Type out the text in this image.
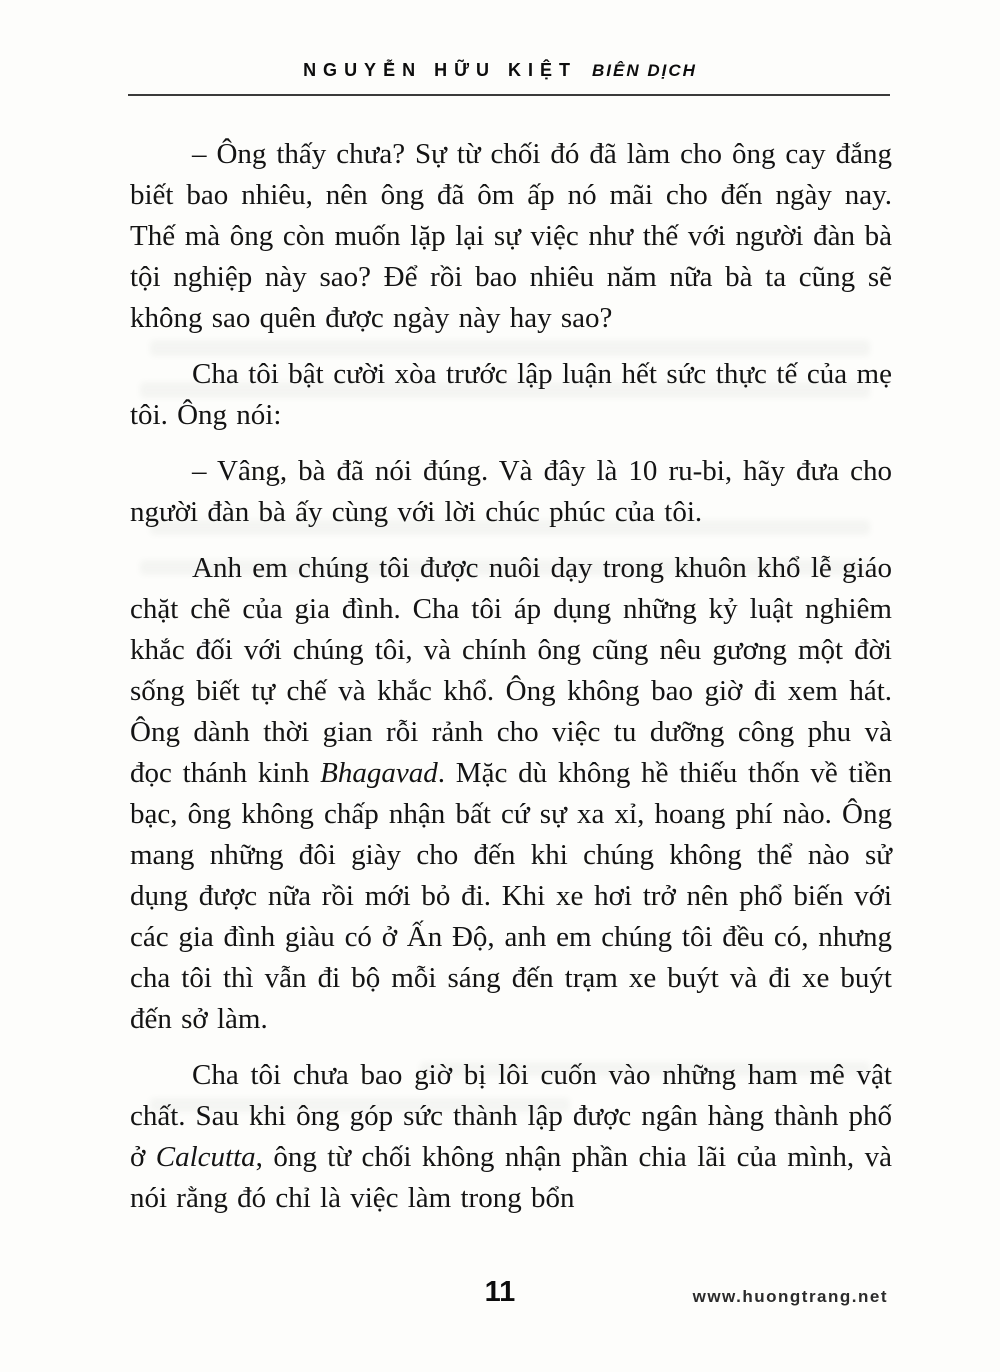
NGUYỄN HỮU KIỆT BIÊN DỊCH

– Ông thấy chưa? Sự từ chối đó đã làm cho ông cay đắng biết bao nhiêu, nên ông đã ôm ấp nó mãi cho đến ngày nay. Thế mà ông còn muốn lặp lại sự việc như thế với người đàn bà tội nghiệp này sao? Để rồi bao nhiêu năm nữa bà ta cũng sẽ không sao quên được ngày này hay sao?

Cha tôi bật cười xòa trước lập luận hết sức thực tế của mẹ tôi. Ông nói:

– Vâng, bà đã nói đúng. Và đây là 10 ru-bi, hãy đưa cho người đàn bà ấy cùng với lời chúc phúc của tôi.

Anh em chúng tôi được nuôi dạy trong khuôn khổ lễ giáo chặt chẽ của gia đình. Cha tôi áp dụng những kỷ luật nghiêm khắc đối với chúng tôi, và chính ông cũng nêu gương một đời sống biết tự chế và khắc khổ. Ông không bao giờ đi xem hát. Ông dành thời gian rỗi rảnh cho việc tu dưỡng công phu và đọc thánh kinh Bhagavad. Mặc dù không hề thiếu thốn về tiền bạc, ông không chấp nhận bất cứ sự xa xỉ, hoang phí nào. Ông mang những đôi giày cho đến khi chúng không thể nào sử dụng được nữa rồi mới bỏ đi. Khi xe hơi trở nên phổ biến với các gia đình giàu có ở Ấn Độ, anh em chúng tôi đều có, nhưng cha tôi thì vẫn đi bộ mỗi sáng đến trạm xe buýt và đi xe buýt đến sở làm.

Cha tôi chưa bao giờ bị lôi cuốn vào những ham mê vật chất. Sau khi ông góp sức thành lập được ngân hàng thành phố ở Calcutta, ông từ chối không nhận phần chia lãi của mình, và nói rằng đó chỉ là việc làm trong bổn

11	www.huongtrang.net
